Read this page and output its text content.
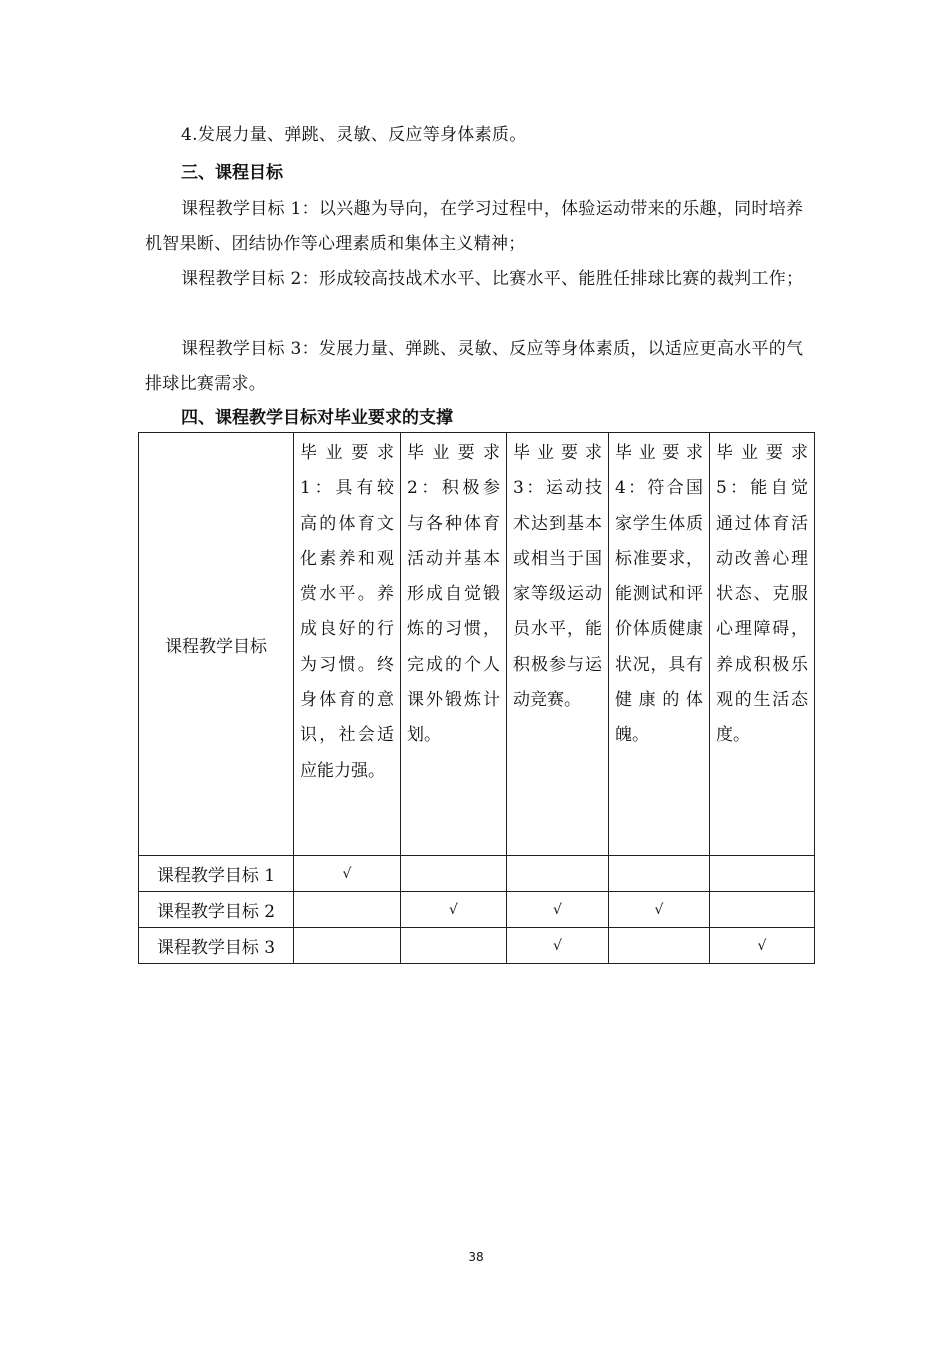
4.发展力量、弹跳、灵敏、反应等身体素质。

三、课程目标

课程教学目标 1：以兴趣为导向，在学习过程中，体验运动带来的乐趣，同时培养机智果断、团结协作等心理素质和集体主义精神；

课程教学目标 2：形成较高技战术水平、比赛水平、能胜任排球比赛的裁判工作；

课程教学目标 3：发展力量、弹跳、灵敏、反应等身体素质，以适应更高水平的气排球比赛需求。

四、课程教学目标对毕业要求的支撑
课程教学目标	毕业要求 1：具有较高的体育文化素养和观赏水平。养成良好的行为习惯。终身体育的意识，社会适应能力强。	毕业要求 2：积极参与各种体育活动并基本形成自觉锻炼的习惯，完成的个人课外锻炼计划。	毕业要求 3：运动技术达到基本或相当于国家等级运动员水平，能积极参与运动竞赛。	毕业要求 4：符合国家学生体质标准要求，能测试和评价体质健康状况，具有健康的体魄。	毕业要求 5：能自觉通过体育活动改善心理状态、克服心理障碍，养成积极乐观的生活态度。
课程教学目标 1	√				
课程教学目标 2		√	√	√	
课程教学目标 3			√		√
38
